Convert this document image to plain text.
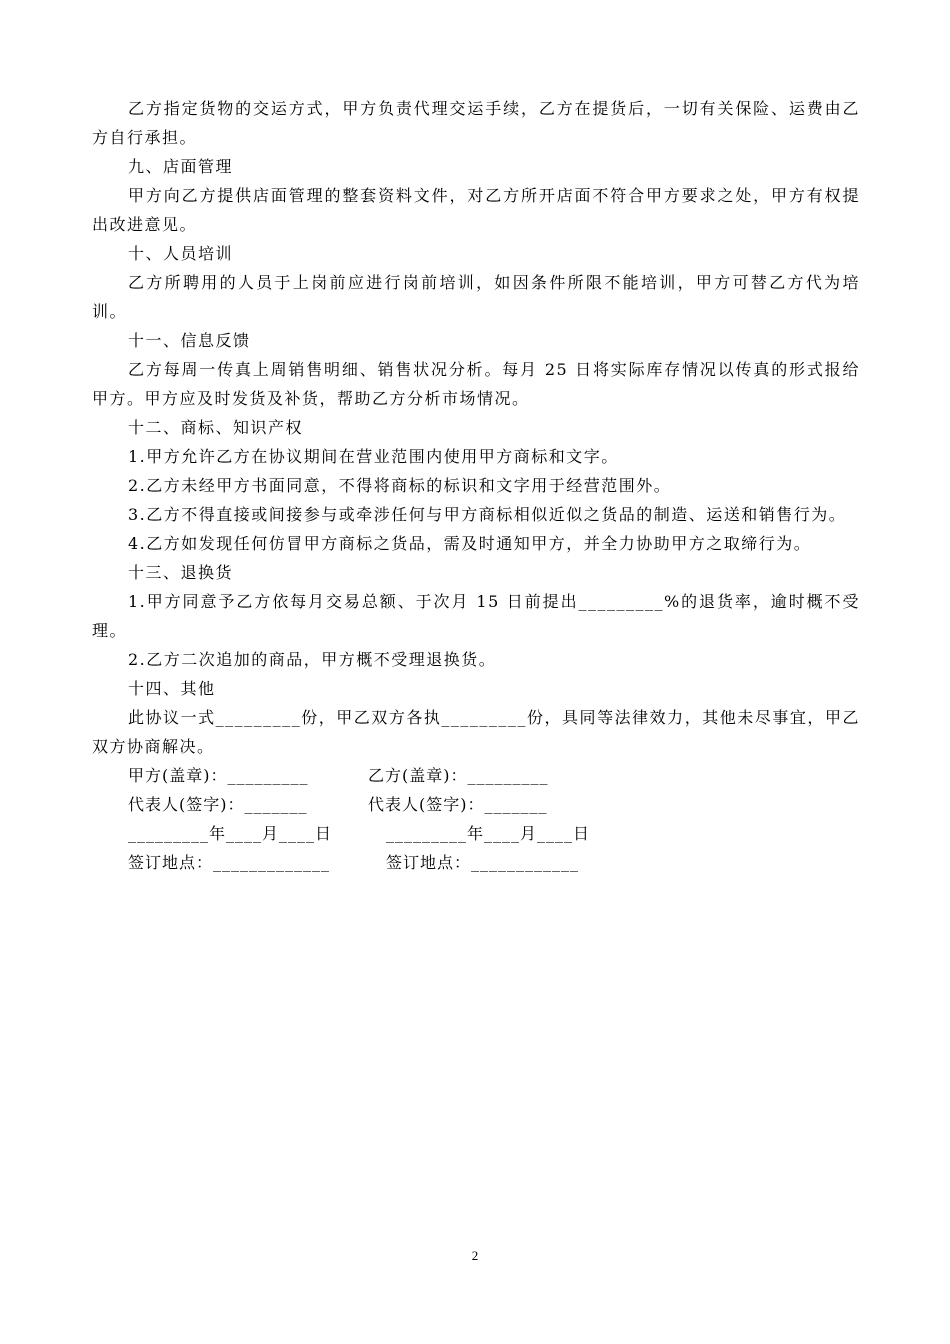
乙方指定货物的交运方式，甲方负责代理交运手续，乙方在提货后，一切有关保险、运费由乙方自行承担。

九、店面管理

甲方向乙方提供店面管理的整套资料文件，对乙方所开店面不符合甲方要求之处，甲方有权提出改进意见。

十、人员培训

乙方所聘用的人员于上岗前应进行岗前培训，如因条件所限不能培训，甲方可替乙方代为培训。

十一、信息反馈

乙方每周一传真上周销售明细、销售状况分析。每月 25 日将实际库存情况以传真的形式报给甲方。甲方应及时发货及补货，帮助乙方分析市场情况。

十二、商标、知识产权

1.甲方允许乙方在协议期间在营业范围内使用甲方商标和文字。

2.乙方未经甲方书面同意，不得将商标的标识和文字用于经营范围外。

3.乙方不得直接或间接参与或牵涉任何与甲方商标相似近似之货品的制造、运送和销售行为。

4.乙方如发现任何仿冒甲方商标之货品，需及时通知甲方，并全力协助甲方之取缔行为。

十三、退换货

1.甲方同意予乙方依每月交易总额、于次月 15 日前提出_________%的退货率，逾时概不受理。

2.乙方二次追加的商品，甲方概不受理退换货。

十四、其他

此协议一式_________份，甲乙双方各执_________份，具同等法律效力，其他未尽事宜，甲乙双方协商解决。

甲方(盖章)：_________	乙方(盖章)：_________
代表人(签字)：_______	代表人(签字)：_______
_________年____月____日	_________年____月____日
签订地点：_____________	签订地点：____________
2
